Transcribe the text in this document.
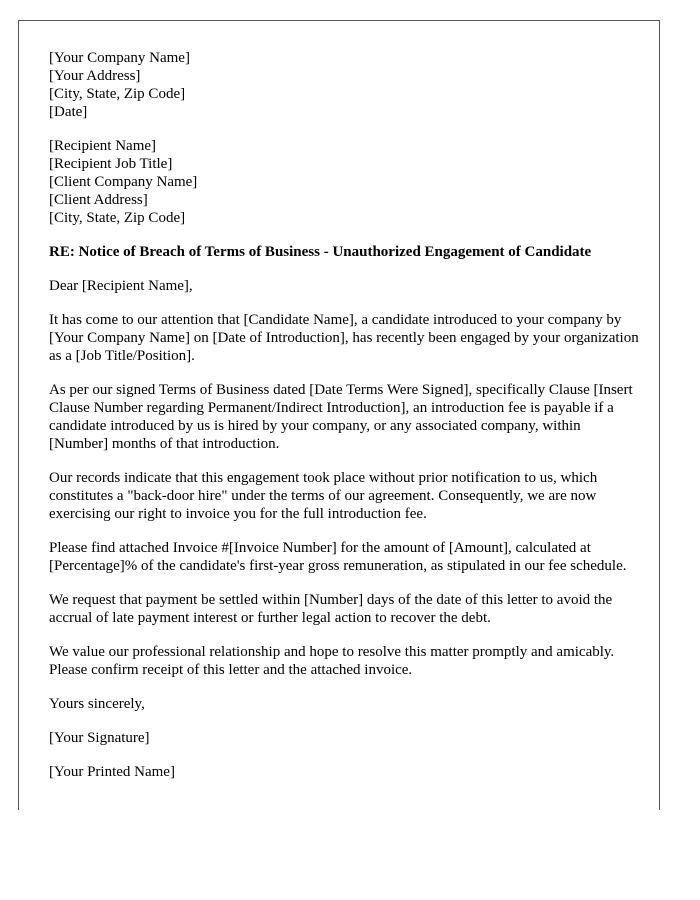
[Your Company Name]
[Your Address]
[City, State, Zip Code]
[Date]
[Recipient Name]
[Recipient Job Title]
[Client Company Name]
[Client Address]
[City, State, Zip Code]
RE: Notice of Breach of Terms of Business - Unauthorized Engagement of Candidate

Dear [Recipient Name],

It has come to our attention that [Candidate Name], a candidate introduced to your company by [Your Company Name] on [Date of Introduction], has recently been engaged by your organization as a [Job Title/Position].

As per our signed Terms of Business dated [Date Terms Were Signed], specifically Clause [Insert Clause Number regarding Permanent/Indirect Introduction], an introduction fee is payable if a candidate introduced by us is hired by your company, or any associated company, within [Number] months of that introduction.

Our records indicate that this engagement took place without prior notification to us, which constitutes a "back-door hire" under the terms of our agreement. Consequently, we are now exercising our right to invoice you for the full introduction fee.

Please find attached Invoice #[Invoice Number] for the amount of [Amount], calculated at [Percentage]% of the candidate's first-year gross remuneration, as stipulated in our fee schedule.

We request that payment be settled within [Number] days of the date of this letter to avoid the accrual of late payment interest or further legal action to recover the debt.

We value our professional relationship and hope to resolve this matter promptly and amicably. Please confirm receipt of this letter and the attached invoice.

Yours sincerely,

[Your Signature]

[Your Printed Name]
